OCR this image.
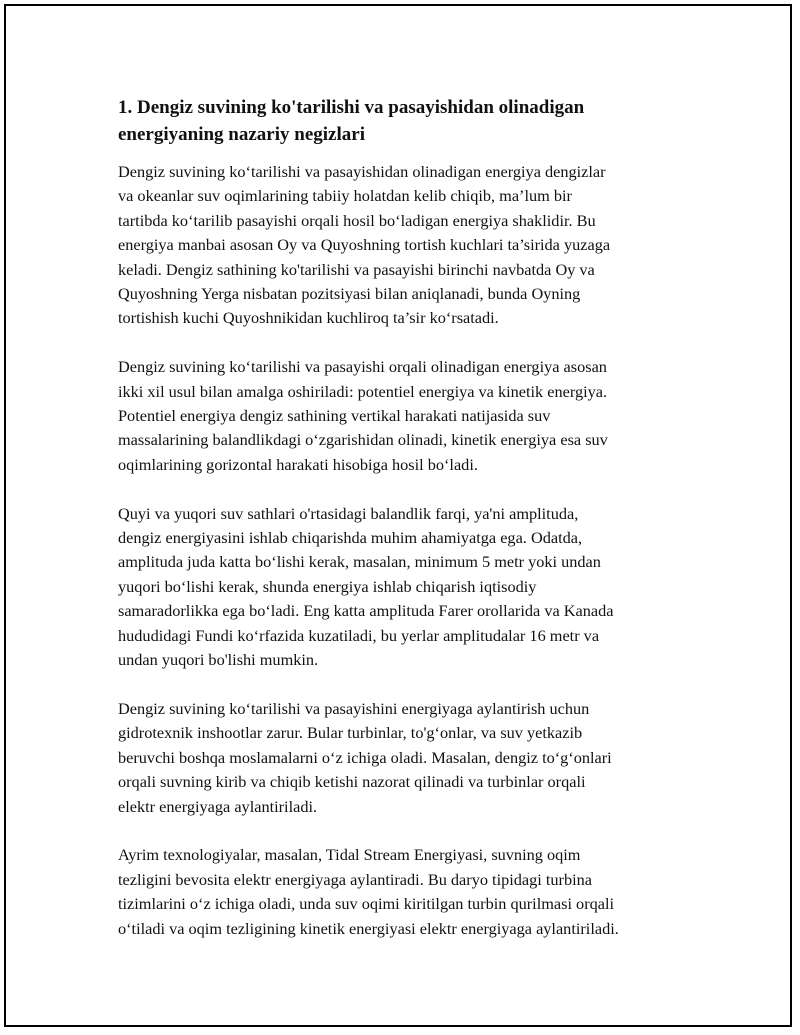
1. Dengiz suvining ko'tarilishi va pasayishidan olinadigan
energiyaning nazariy negizlari

Dengiz suvining ko‘tarilishi va pasayishidan olinadigan energiya dengizlar
va okeanlar suv oqimlarining tabiiy holatdan kelib chiqib, ma’lum bir
tartibda ko‘tarilib pasayishi orqali hosil bo‘ladigan energiya shaklidir. Bu
energiya manbai asosan Oy va Quyoshning tortish kuchlari ta’sirida yuzaga
keladi. Dengiz sathining ko'tarilishi va pasayishi birinchi navbatda Oy va
Quyoshning Yerga nisbatan pozitsiyasi bilan aniqlanadi, bunda Oyning
tortishish kuchi Quyoshnikidan kuchliroq ta’sir ko‘rsatadi.

Dengiz suvining ko‘tarilishi va pasayishi orqali olinadigan energiya asosan
ikki xil usul bilan amalga oshiriladi: potentiel energiya va kinetik energiya.
Potentiel energiya dengiz sathining vertikal harakati natijasida suv
massalarining balandlikdagi o‘zgarishidan olinadi, kinetik energiya esa suv
oqimlarining gorizontal harakati hisobiga hosil bo‘ladi.

Quyi va yuqori suv sathlari o'rtasidagi balandlik farqi, ya'ni amplituda,
dengiz energiyasini ishlab chiqarishda muhim ahamiyatga ega. Odatda,
amplituda juda katta bo‘lishi kerak, masalan, minimum 5 metr yoki undan
yuqori bo‘lishi kerak, shunda energiya ishlab chiqarish iqtisodiy
samaradorlikka ega bo‘ladi. Eng katta amplituda Farer orollarida va Kanada
hududidagi Fundi ko‘rfazida kuzatiladi, bu yerlar amplitudalar 16 metr va
undan yuqori bo'lishi mumkin.

Dengiz suvining ko‘tarilishi va pasayishini energiyaga aylantirish uchun
gidrotexnik inshootlar zarur. Bular turbinlar, to'g‘onlar, va suv yetkazib
beruvchi boshqa moslamalarni o‘z ichiga oladi. Masalan, dengiz to‘g‘onlari
orqali suvning kirib va chiqib ketishi nazorat qilinadi va turbinlar orqali
elektr energiyaga aylantiriladi.

Ayrim texnologiyalar, masalan, Tidal Stream Energiyasi, suvning oqim
tezligini bevosita elektr energiyaga aylantiradi. Bu daryo tipidagi turbina
tizimlarini o‘z ichiga oladi, unda suv oqimi kiritilgan turbin qurilmasi orqali
o‘tiladi va oqim tezligining kinetik energiyasi elektr energiyaga aylantiriladi.
